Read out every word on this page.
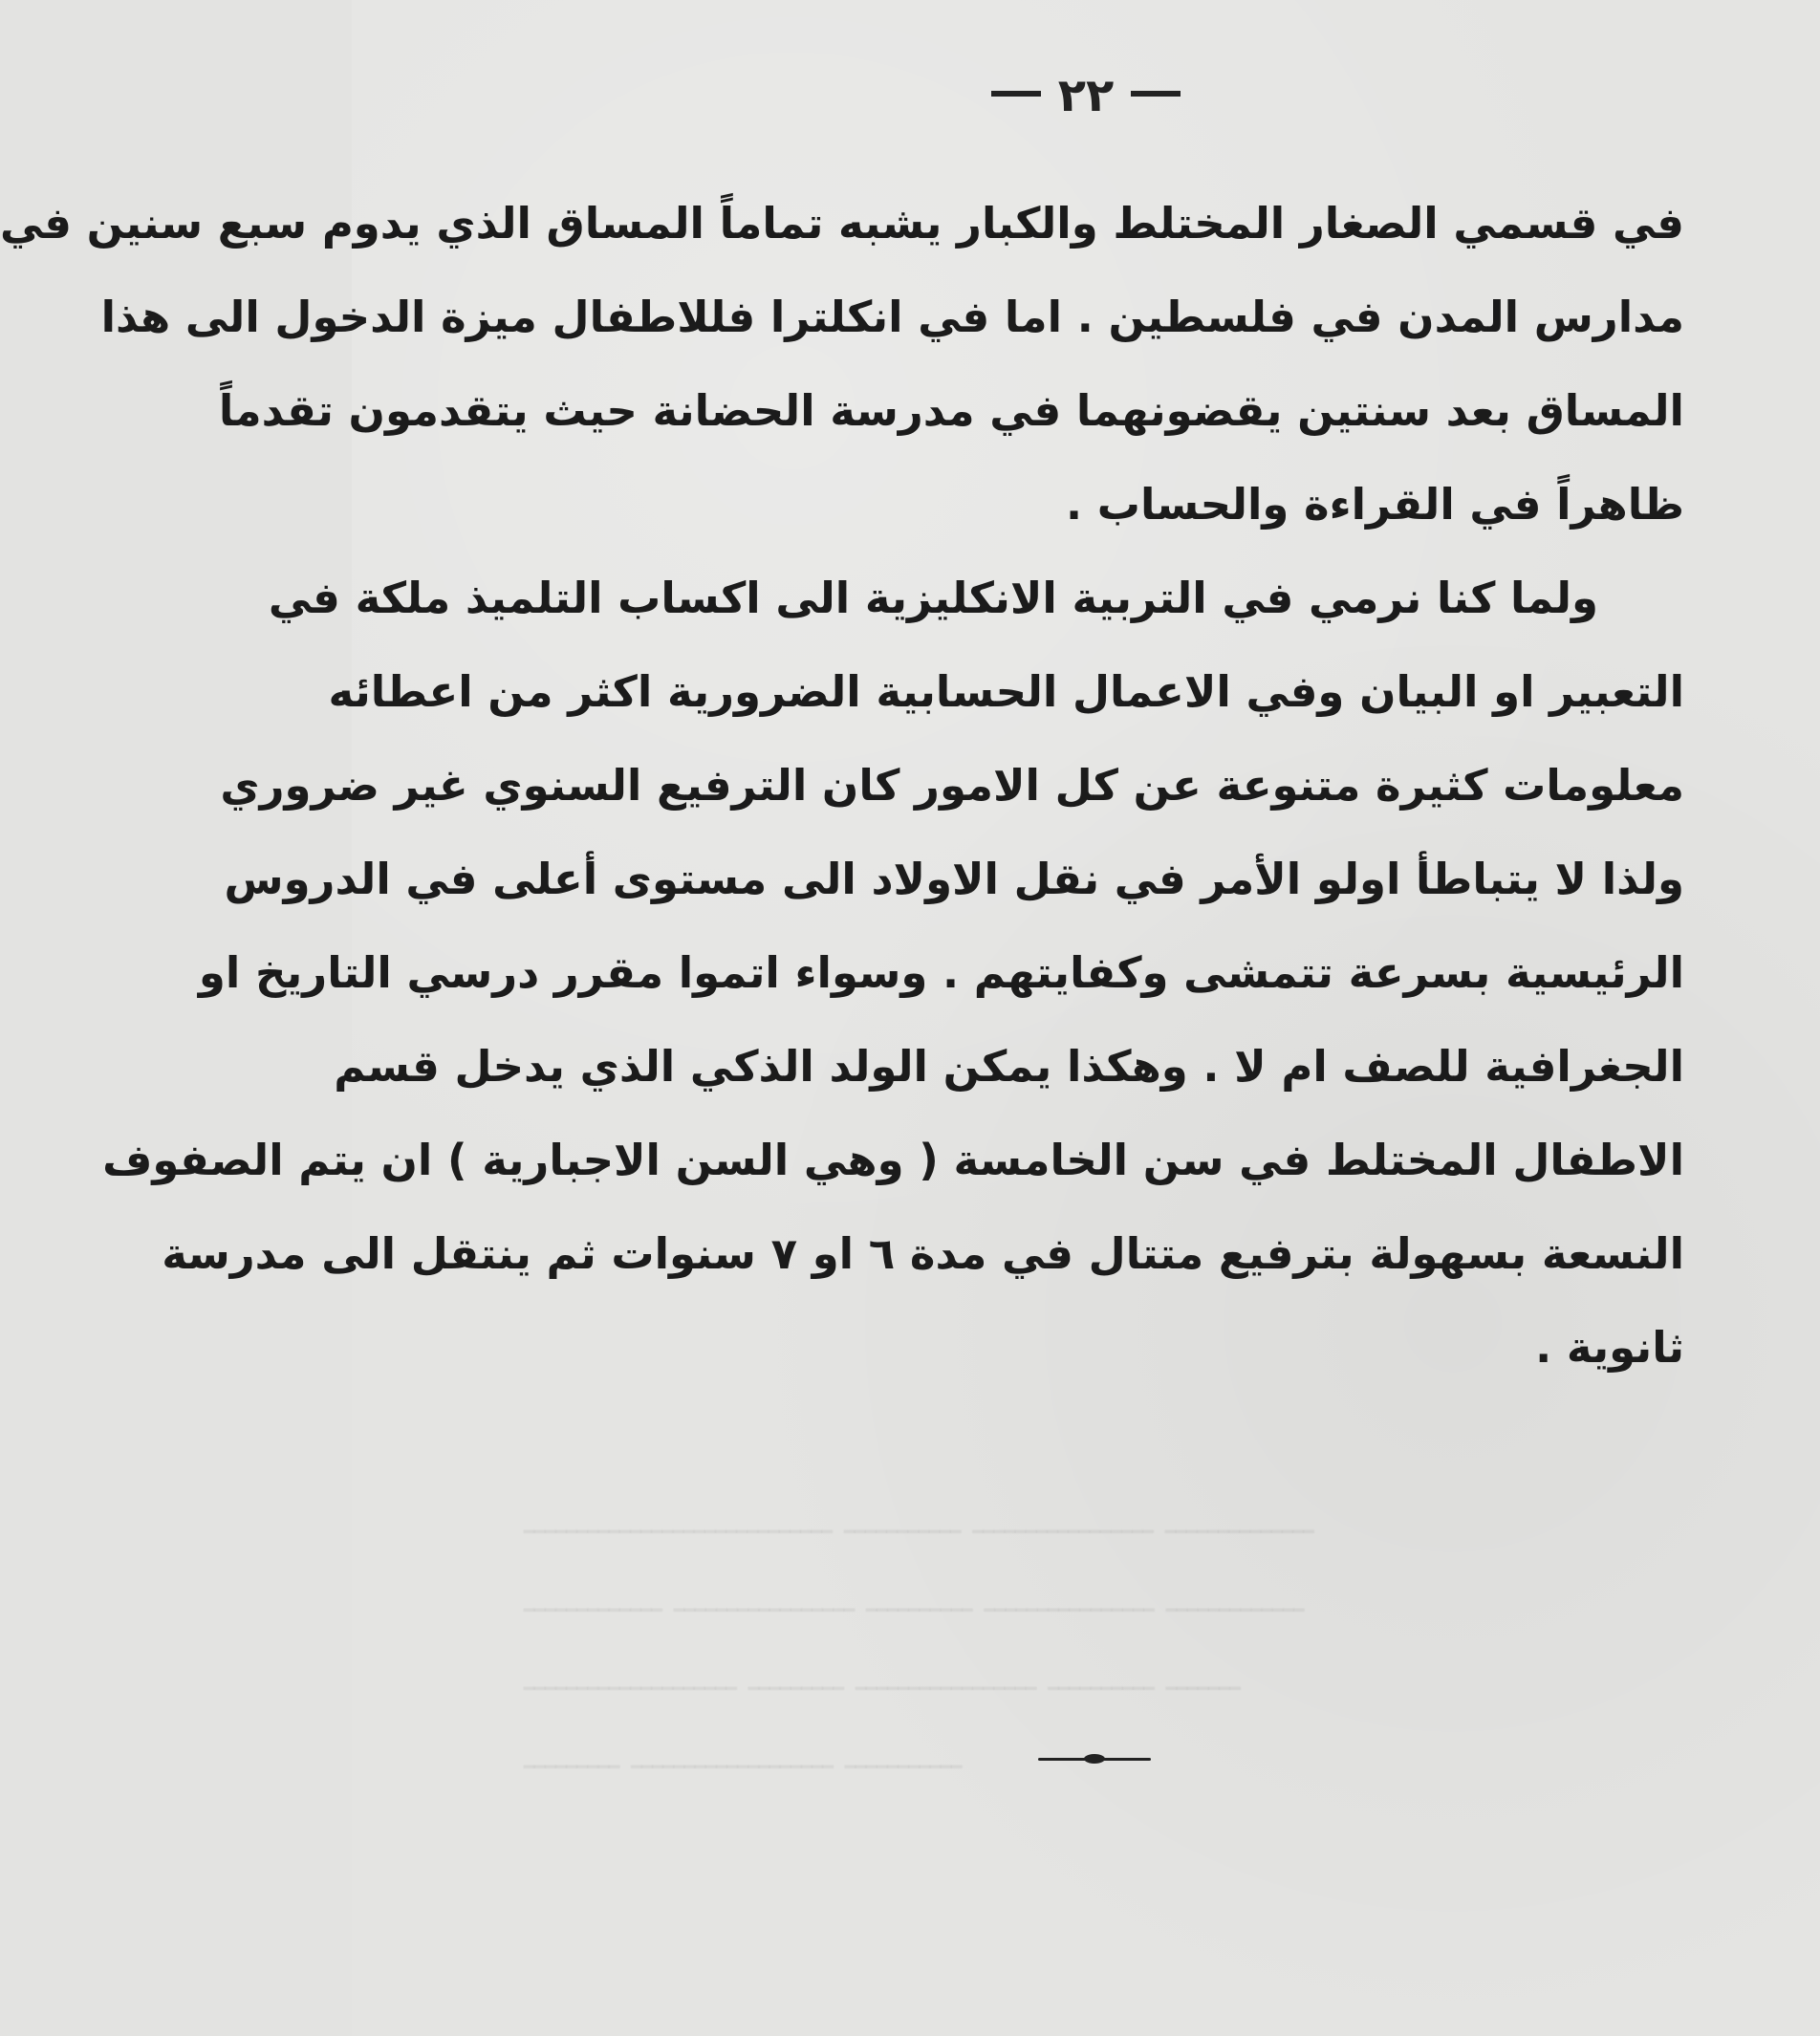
ـــــــــــــــــــــــــــــ ـــــــــــ ـــــــــــــــــ ــــــــــــــ
ـــــــــــــ ـــــــــــــــــ ــــــــــ ــــــــــــــــ ـــــــــــــ
ــــــــــــــــــــ ـــــــــ ـــــــــــــــــ ــــــــــ ـــــــ
ـــــــــ ـــــــــــــــــــ ـــــــــــ
٢٢
في قسمي الصغار المختلط والكبار يشبه تماماً المساق الذي يدوم سبع سنين في
مدارس المدن في فلسطين . اما في انكلترا فللاطفال ميزة الدخول الى هذا
المساق بعد سنتين يقضونهما في مدرسة الحضانة حيث يتقدمون تقدماً
ظاهراً في القراءة والحساب .
ولما كنا نرمي في التربية الانكليزية الى اكساب التلميذ ملكة في
التعبير او البيان وفي الاعمال الحسابية الضرورية اكثر من اعطائه
معلومات كثيرة متنوعة عن كل الامور كان الترفيع السنوي غير ضروري
ولذا لا يتباطأ اولو الأمر في نقل الاولاد الى مستوى أعلى في الدروس
الرئيسية بسرعة تتمشى وكفايتهم . وسواء اتموا مقرر درسي التاريخ او
الجغرافية للصف ام لا . وهكذا يمكن الولد الذكي الذي يدخل قسم
الاطفال المختلط في سن الخامسة ( وهي السن الاجبارية ) ان يتم الصفوف
النسعة بسهولة بترفيع متتال في مدة ٦ او ٧ سنوات ثم ينتقل الى مدرسة
ثانوية .
